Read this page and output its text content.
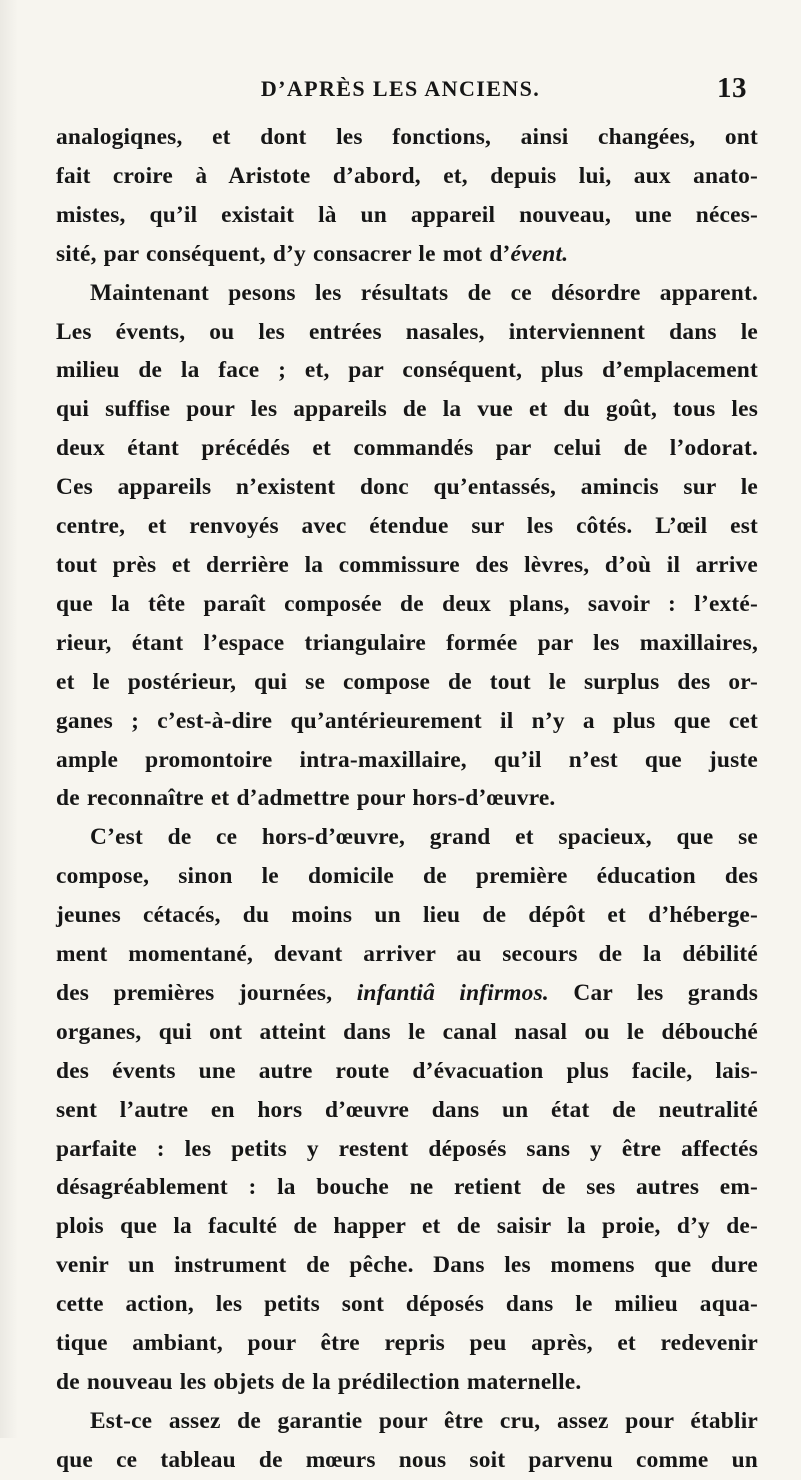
D’APRÈS LES ANCIENS.	13
analogiqnes, et dont les fonctions, ainsi changées, ont
fait croire à Aristote d’abord, et, depuis lui, aux anato-
mistes, qu’il existait là un appareil nouveau, une néces-
sité, par conséquent, d’y consacrer le mot d’évent.
Maintenant pesons les résultats de ce désordre apparent.
Les évents, ou les entrées nasales, interviennent dans le
milieu de la face ; et, par conséquent, plus d’emplacement
qui suffise pour les appareils de la vue et du goût, tous les
deux étant précédés et commandés par celui de l’odorat.
Ces appareils n’existent donc qu’entassés, amincis sur le
centre, et renvoyés avec étendue sur les côtés. L’œil est
tout près et derrière la commissure des lèvres, d’où il arrive
que la tête paraît composée de deux plans, savoir : l’exté-
rieur, étant l’espace triangulaire formée par les maxillaires,
et le postérieur, qui se compose de tout le surplus des or-
ganes ; c’est-à-dire qu’antérieurement il n’y a plus que cet
ample promontoire intra-maxillaire, qu’il n’est que juste
de reconnaître et d’admettre pour hors-d’œuvre.
C’est de ce hors-d’œuvre, grand et spacieux, que se
compose, sinon le domicile de première éducation des
jeunes cétacés, du moins un lieu de dépôt et d’héberge-
ment momentané, devant arriver au secours de la débilité
des premières journées, infantiâ infirmos. Car les grands
organes, qui ont atteint dans le canal nasal ou le débouché
des évents une autre route d’évacuation plus facile, lais-
sent l’autre en hors d’œuvre dans un état de neutralité
parfaite : les petits y restent déposés sans y être affectés
désagréablement : la bouche ne retient de ses autres em-
plois que la faculté de happer et de saisir la proie, d’y de-
venir un instrument de pêche. Dans les momens que dure
cette action, les petits sont déposés dans le milieu aqua-
tique ambiant, pour être repris peu après, et redevenir
de nouveau les objets de la prédilection maternelle.
Est-ce assez de garantie pour être cru, assez pour établir
que ce tableau de mœurs nous soit parvenu comme un
